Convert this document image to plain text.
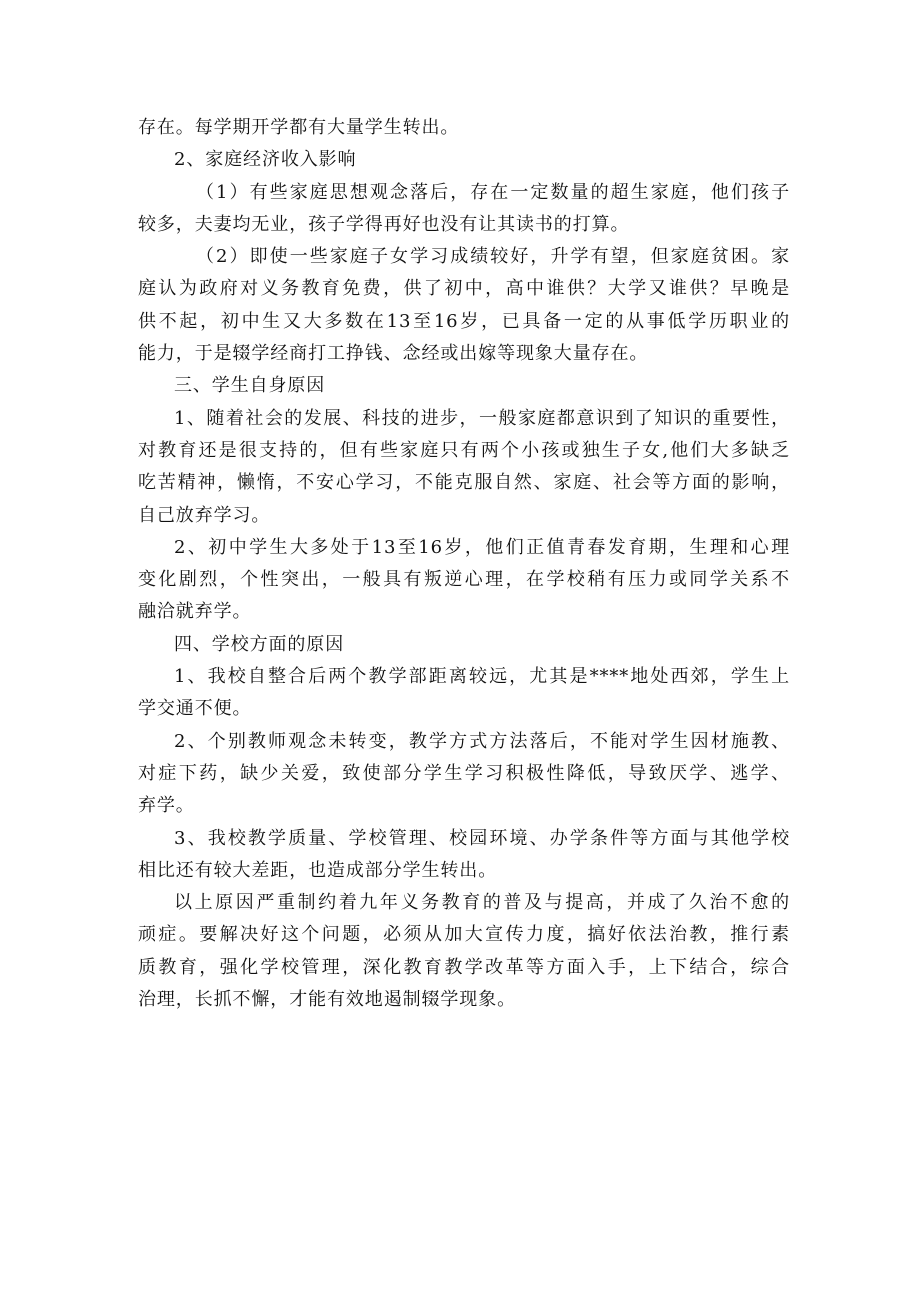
存在。每学期开学都有大量学生转出。
2、家庭经济收入影响
（1）有些家庭思想观念落后，存在一定数量的超生家庭，他们孩子
较多，夫妻均无业，孩子学得再好也没有让其读书的打算。
（2）即使一些家庭子女学习成绩较好，升学有望，但家庭贫困。家
庭认为政府对义务教育免费，供了初中，高中谁供？大学又谁供？早晚是
供不起，初中生又大多数在13至16岁，已具备一定的从事低学历职业的
能力，于是辍学经商打工挣钱、念经或出嫁等现象大量存在。
三、学生自身原因
1、随着社会的发展、科技的进步，一般家庭都意识到了知识的重要性，
对教育还是很支持的，但有些家庭只有两个小孩或独生子女,他们大多缺乏
吃苦精神，懒惰，不安心学习，不能克服自然、家庭、社会等方面的影响，
自己放弃学习。
2、初中学生大多处于13至16岁，他们正值青春发育期，生理和心理
变化剧烈，个性突出，一般具有叛逆心理，在学校稍有压力或同学关系不
融洽就弃学。
四、学校方面的原因
1、我校自整合后两个教学部距离较远，尤其是****地处西郊，学生上
学交通不便。
2、个别教师观念未转变，教学方式方法落后，不能对学生因材施教、
对症下药，缺少关爱，致使部分学生学习积极性降低，导致厌学、逃学、
弃学。
3、我校教学质量、学校管理、校园环境、办学条件等方面与其他学校
相比还有较大差距，也造成部分学生转出。
以上原因严重制约着九年义务教育的普及与提高，并成了久治不愈的
顽症。要解决好这个问题，必须从加大宣传力度，搞好依法治教，推行素
质教育，强化学校管理，深化教育教学改革等方面入手，上下结合，综合
治理，长抓不懈，才能有效地遏制辍学现象。
